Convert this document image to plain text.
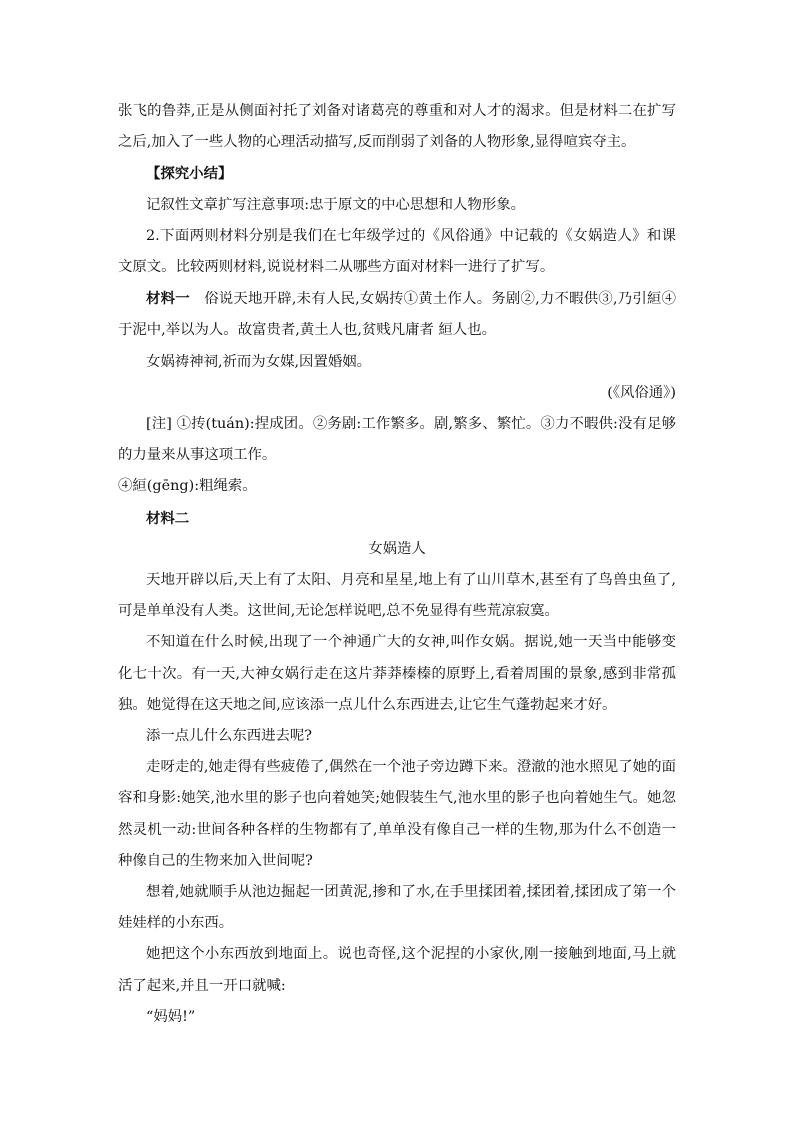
张飞的鲁莽,正是从侧面衬托了刘备对诸葛亮的尊重和对人才的渴求。但是材料二在扩写之后,加入了一些人物的心理活动描写,反而削弱了刘备的人物形象,显得喧宾夺主。

【探究小结】

记叙性文章扩写注意事项:忠于原文的中心思想和人物形象。

2.下面两则材料分别是我们在七年级学过的《风俗通》中记载的《女娲造人》和课文原文。比较两则材料,说说材料二从哪些方面对材料一进行了扩写。

材料一 俗说天地开辟,未有人民,女娲抟①黄土作人。务剧②,力不暇供③,乃引絙④于泥中,举以为人。故富贵者,黄土人也,贫贱凡庸者 絙人也。

女娲祷神祠,祈而为女媒,因置婚姻。

(《风俗通》)

[注] ①抟(tuán):捏成团。②务剧:工作繁多。剧,繁多、繁忙。③力不暇供:没有足够的力量来从事这项工作。

④絙(gēng):粗绳索。

材料二

女娲造人

天地开辟以后,天上有了太阳、月亮和星星,地上有了山川草木,甚至有了鸟兽虫鱼了,可是单单没有人类。这世间,无论怎样说吧,总不免显得有些荒凉寂寞。

不知道在什么时候,出现了一个神通广大的女神,叫作女娲。据说,她一天当中能够变化七十次。有一天,大神女娲行走在这片莽莽榛榛的原野上,看着周围的景象,感到非常孤独。她觉得在这天地之间,应该添一点儿什么东西进去,让它生气蓬勃起来才好。

添一点儿什么东西进去呢?

走呀走的,她走得有些疲倦了,偶然在一个池子旁边蹲下来。澄澈的池水照见了她的面容和身影:她笑,池水里的影子也向着她笑;她假装生气,池水里的影子也向着她生气。她忽然灵机一动:世间各种各样的生物都有了,单单没有像自己一样的生物,那为什么不创造一种像自己的生物来加入世间呢?

想着,她就顺手从池边掘起一团黄泥,掺和了水,在手里揉团着,揉团着,揉团成了第一个娃娃样的小东西。

她把这个小东西放到地面上。说也奇怪,这个泥捏的小家伙,刚一接触到地面,马上就活了起来,并且一开口就喊:

“妈妈!”
